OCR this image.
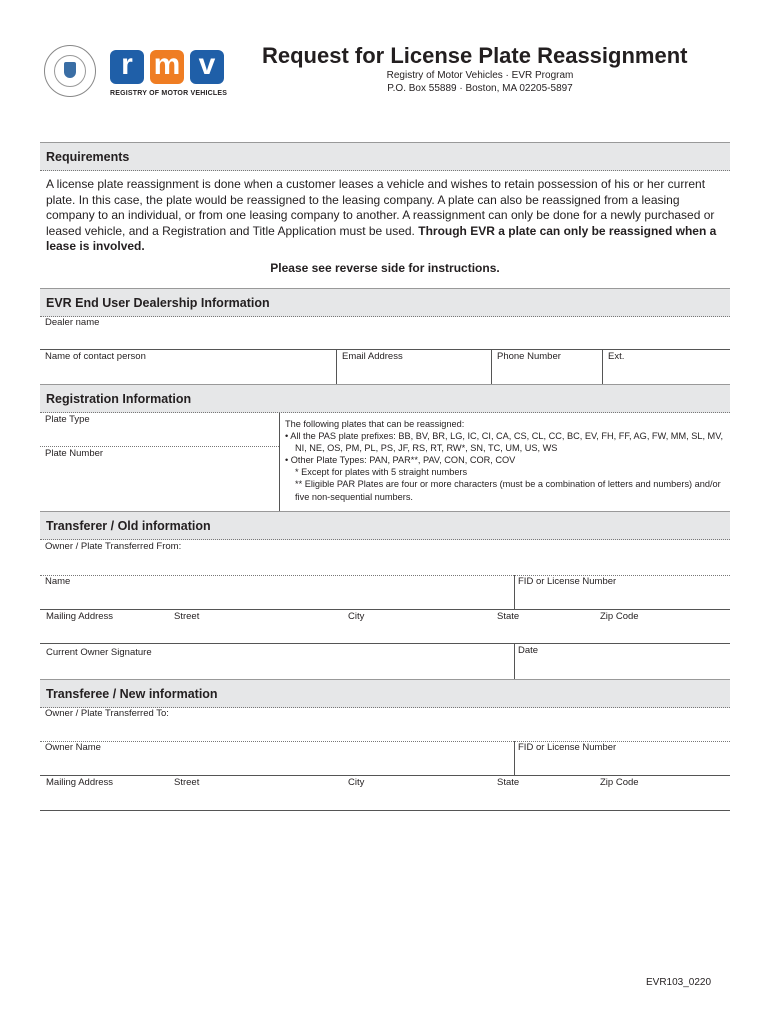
r m v
REGISTRY OF MOTOR VEHICLES
Request for License Plate Reassignment
Registry of Motor Vehicles · EVR Program
P.O. Box 55889 · Boston, MA 02205-5897
Requirements
A license plate reassignment is done when a customer leases a vehicle and wishes to retain possession of his or her current plate. In this case, the plate would be reassigned to the leasing company. A plate can also be reassigned from a leasing company to an individual, or from one leasing company to another. A reassignment can only be done for a newly purchased or leased vehicle, and a Registration and Title Application must be used. Through EVR a plate can only be reassigned when a lease is involved.
Please see reverse side for instructions.
EVR End User Dealership Information
Dealer name
Name of contact person	Email Address	Phone Number	Ext.
Registration Information
Plate Type
Plate Number

The following plates that can be reassigned:

• All the PAS plate prefixes: BB, BV, BR, LG, IC, CI, CA, CS, CL, CC, BC, EV, FH, FF, AG, FW, MM, SL, MV, NI, NE, OS, PM, PL, PS, JF, RS, RT, RW*, SN, TC, UM, US, WS

• Other Plate Types: PAN, PAR**, PAV, CON, COR, COV

* Except for plates with 5 straight numbers

** Eligible PAR Plates are four or more characters (must be a combination of letters and numbers) and/or five non-sequential numbers.

Transferer / Old information
Owner / Plate Transferred From:
Name	FID or License Number
Mailing Address	Street	City	State	Zip Code
Current Owner Signature	Date
Transferee / New information
Owner / Plate Transferred To:
Owner Name	FID or License Number
Mailing Address	Street	City	State	Zip Code
EVR103_0220
